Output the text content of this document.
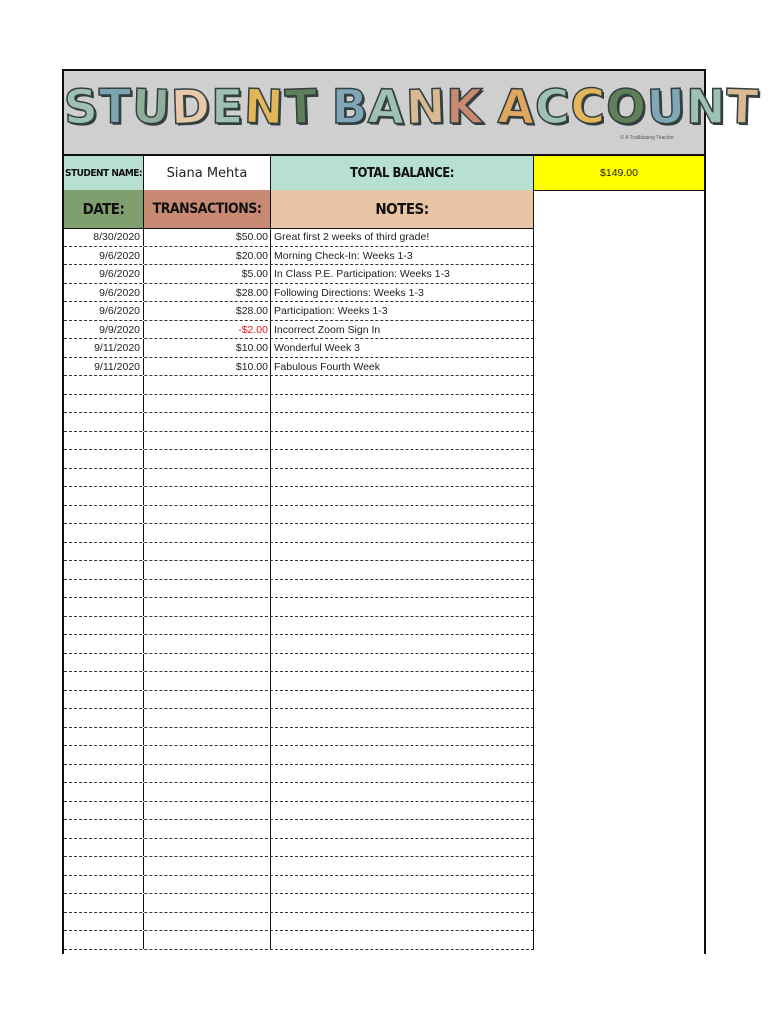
STUDENT BANK ACCOUNT
© A Trailblazing Teacher
STUDENT NAME:	Siana Mehta	TOTAL BALANCE:	$149.00
DATE:	TRANSACTIONS:	NOTES:
8/30/2020	$50.00 Great first 2 weeks of third grade!
9/6/2020	$20.00 Morning Check-In: Weeks 1-3
9/6/2020	$5.00 In Class P.E. Participation: Weeks 1-3
9/6/2020	$28.00 Following Directions: Weeks 1-3
9/6/2020	$28.00 Participation: Weeks 1-3
9/9/2020	-$2.00 Incorrect Zoom Sign In
9/11/2020	$10.00 Wonderful Week 3
9/11/2020	$10.00 Fabulous Fourth Week
